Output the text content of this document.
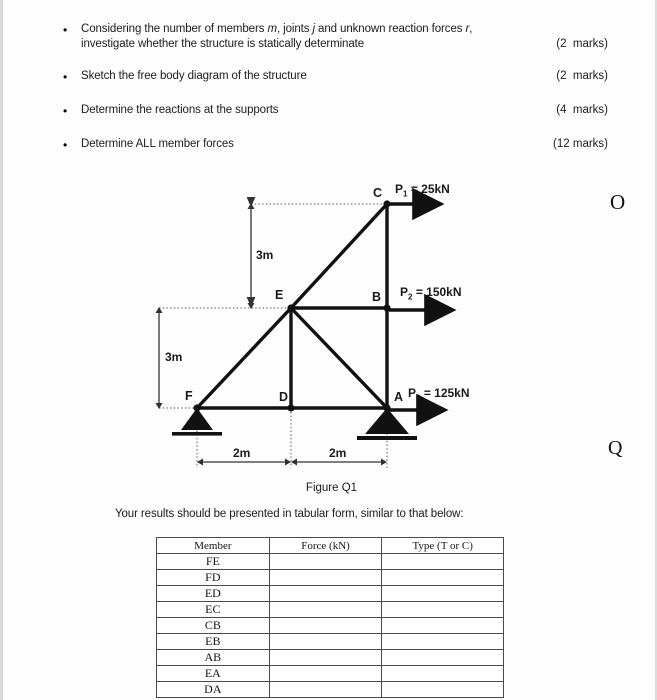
•	Considering the number of members m, joints j and unknown reaction forces r,
investigate whether the structure is statically determinate	(2  marks)
•	Sketch the free body diagram of the structure	(2  marks)
•	Determine the reactions at the supports	(4  marks)
•	Determine ALL member forces	(12 marks)
C
B
A
E
D
F
$P_1 = 25kN$
$P_2 = 150kN$
$P_3 = 125kN$
3m
3m
2m	2m
Figure Q1
Your results should be presented in tabular form, similar to that below:
Member	Force (kN)	Type (T or C)
FE		
FD		
ED		
EC		
CB		
EB		
AB		
EA		
DA		
O
Q
